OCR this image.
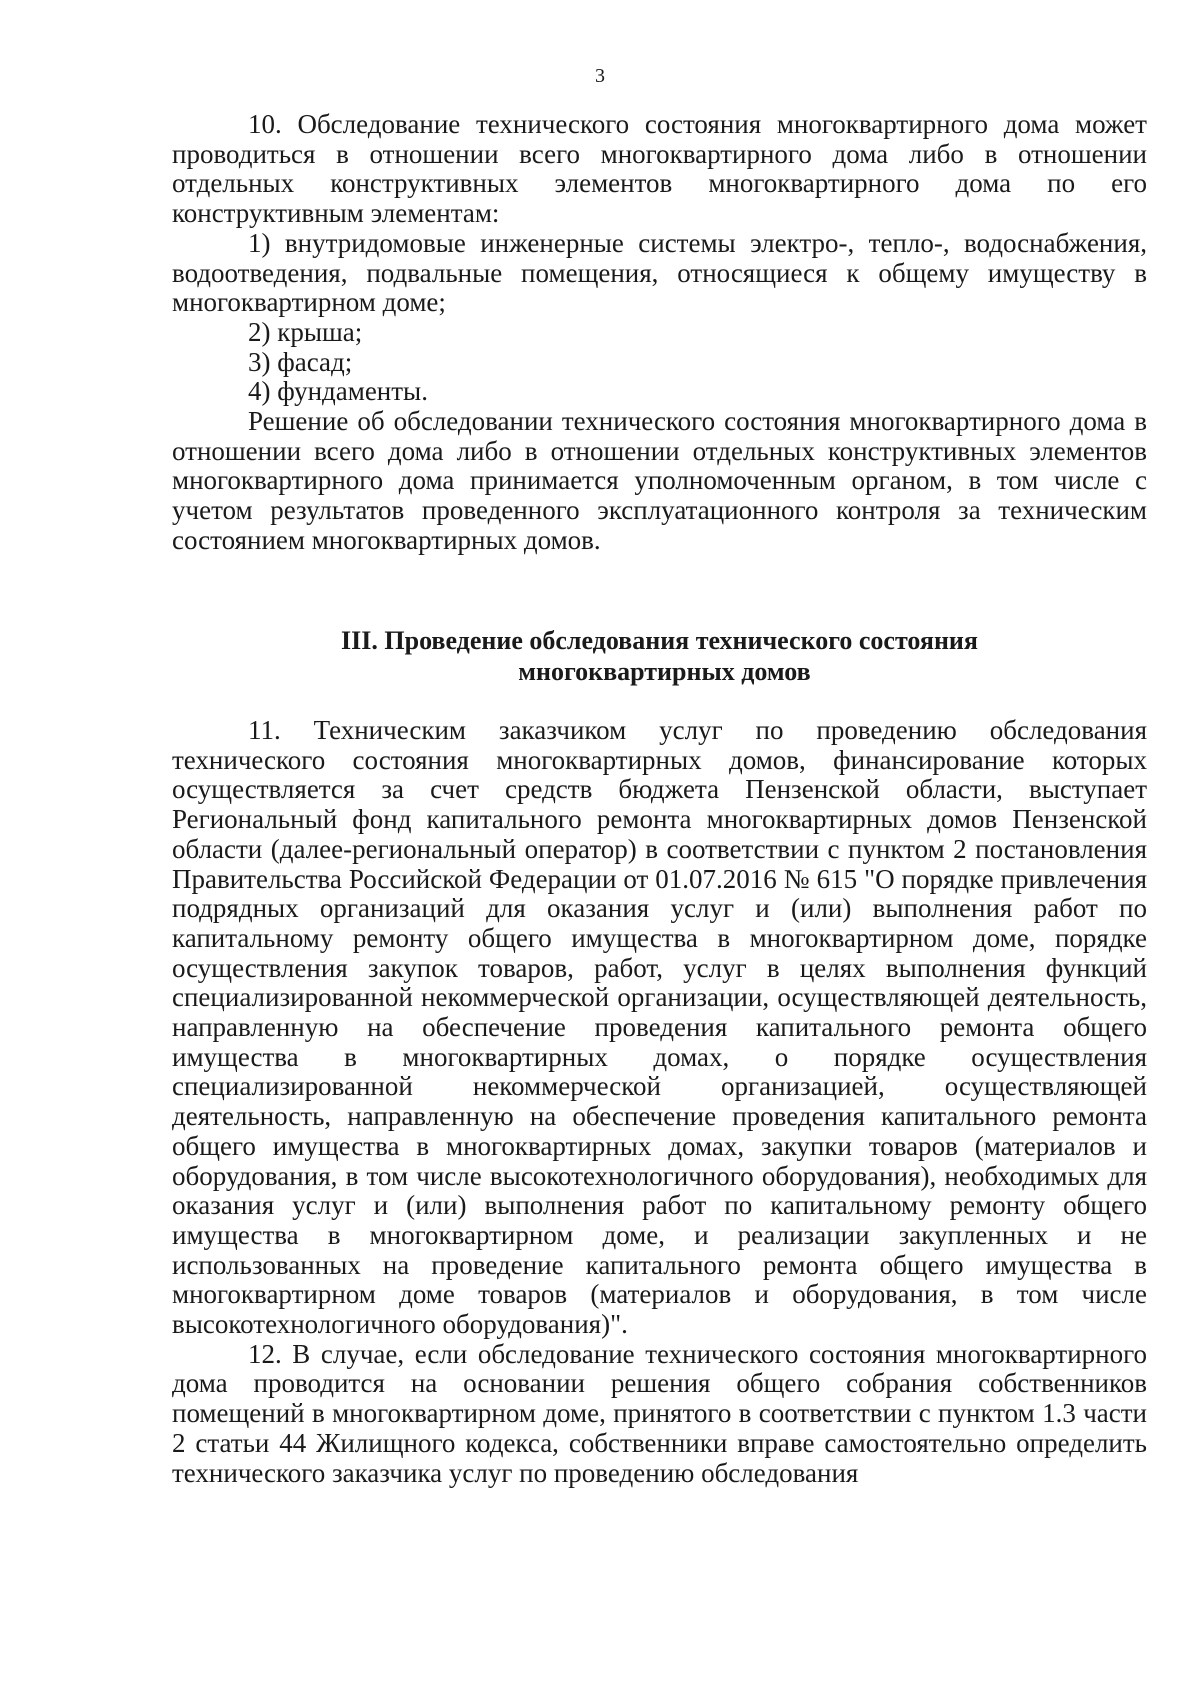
3

10. Обследование технического состояния многоквартирного дома может проводиться в отношении всего многоквартирного дома либо в отношении отдельных конструктивных элементов многоквартирного дома по его конструктивным элементам:

1) внутридомовые инженерные системы электро-, тепло-, водоснабжения, водоотведения, подвальные помещения, относящиеся к общему имуществу в многоквартирном доме;

2) крыша;

3) фасад;

4) фундаменты.

Решение об обследовании технического состояния многоквартирного дома в отношении всего дома либо в отношении отдельных конструктивных элементов многоквартирного дома принимается уполномоченным органом, в том числе с учетом результатов проведенного эксплуатационного контроля за техническим состоянием многоквартирных домов.

III. Проведение обследования технического состояния
многоквартирных домов

11. Техническим заказчиком услуг по проведению обследования технического состояния многоквартирных домов, финансирование которых осуществляется за счет средств бюджета Пензенской области, выступает Региональный фонд капитального ремонта многоквартирных домов Пензенской области (далее-региональный оператор) в соответствии с пунктом 2 постановления Правительства Российской Федерации от 01.07.2016 № 615 "О порядке привлечения подрядных организаций для оказания услуг и (или) выполнения работ по капитальному ремонту общего имущества в многоквартирном доме, порядке осуществления закупок товаров, работ, услуг в целях выполнения функций специализированной некоммерческой организации, осуществляющей деятельность, направленную на обеспечение проведения капитального ремонта общего имущества в многоквартирных домах, о порядке осуществления специализированной некоммерческой организацией, осуществляющей деятельность, направленную на обеспечение проведения капитального ремонта общего имущества в многоквартирных домах, закупки товаров (материалов и оборудования, в том числе высокотехнологичного оборудования), необходимых для оказания услуг и (или) выполнения работ по капитальному ремонту общего имущества в многоквартирном доме, и реализации закупленных и не использованных на проведение капитального ремонта общего имущества в многоквартирном доме товаров (материалов и оборудования, в том числе высокотехнологичного оборудования)".

12. В случае, если обследование технического состояния многоквартирного дома проводится на основании решения общего собрания собственников помещений в многоквартирном доме, принятого в соответствии с пунктом 1.3 части 2 статьи 44 Жилищного кодекса, собственники вправе самостоятельно определить технического заказчика услуг по проведению обследования
